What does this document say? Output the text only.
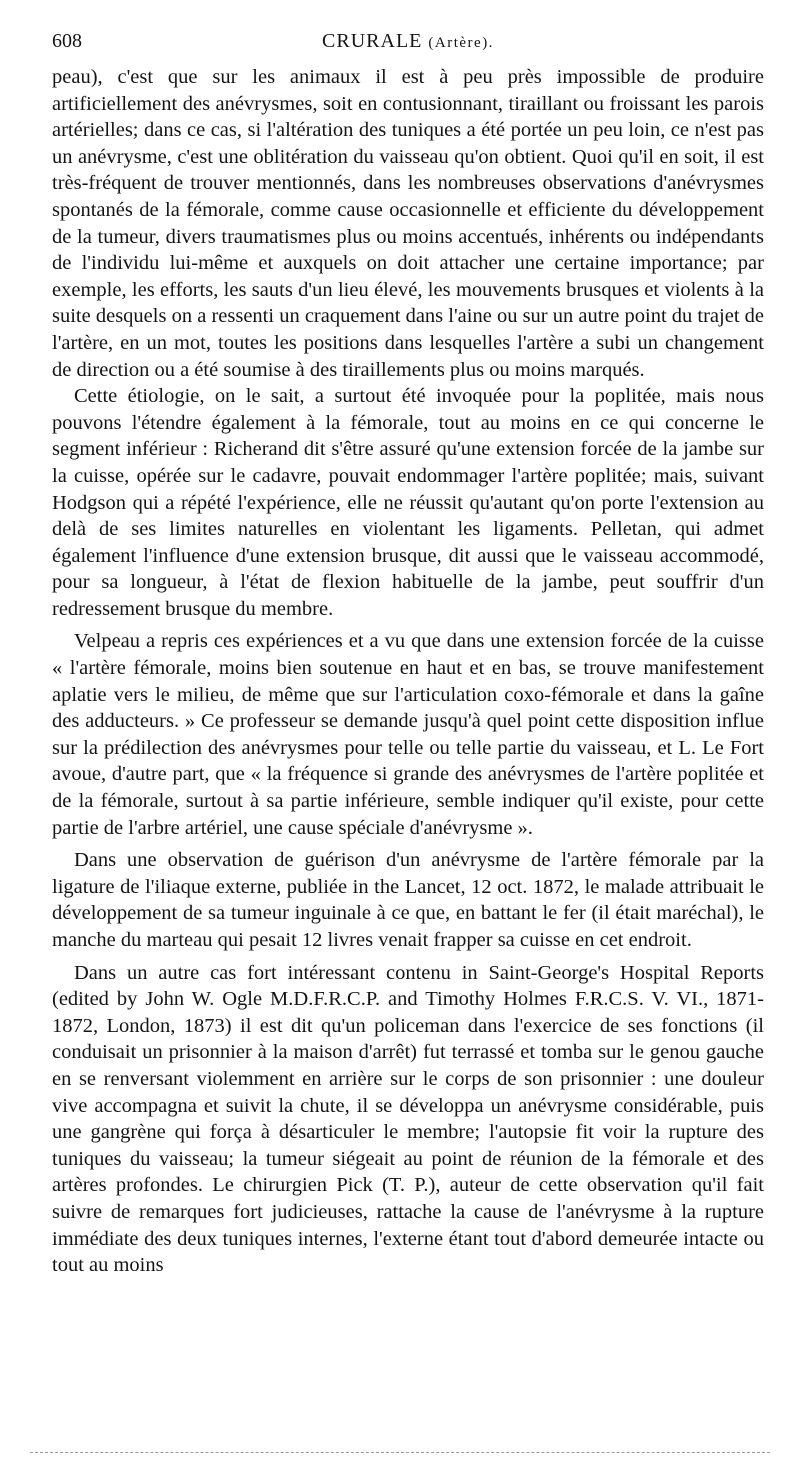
608	CRURALE (Artère).

peau), c'est que sur les animaux il est à peu près impossible de produire artificiellement des anévrysmes, soit en contusionnant, tiraillant ou froissant les parois artérielles; dans ce cas, si l'altération des tuniques a été portée un peu loin, ce n'est pas un anévrysme, c'est une oblitération du vaisseau qu'on obtient. Quoi qu'il en soit, il est très-fréquent de trouver mentionnés, dans les nombreuses observations d'anévrysmes spontanés de la fémorale, comme cause occasionnelle et efficiente du développement de la tumeur, divers traumatismes plus ou moins accentués, inhérents ou indépendants de l'individu lui-même et auxquels on doit attacher une certaine importance; par exemple, les efforts, les sauts d'un lieu élevé, les mouvements brusques et violents à la suite desquels on a ressenti un craquement dans l'aine ou sur un autre point du trajet de l'artère, en un mot, toutes les positions dans lesquelles l'artère a subi un changement de direction ou a été soumise à des tiraillements plus ou moins marqués.

Cette étiologie, on le sait, a surtout été invoquée pour la poplitée, mais nous pouvons l'étendre également à la fémorale, tout au moins en ce qui concerne le segment inférieur : Richerand dit s'être assuré qu'une extension forcée de la jambe sur la cuisse, opérée sur le cadavre, pouvait endommager l'artère poplitée; mais, suivant Hodgson qui a répété l'expérience, elle ne réussit qu'autant qu'on porte l'extension au delà de ses limites naturelles en violentant les ligaments. Pelletan, qui admet également l'influence d'une extension brusque, dit aussi que le vaisseau accommodé, pour sa longueur, à l'état de flexion habituelle de la jambe, peut souffrir d'un redressement brusque du membre.

Velpeau a repris ces expériences et a vu que dans une extension forcée de la cuisse « l'artère fémorale, moins bien soutenue en haut et en bas, se trouve manifestement aplatie vers le milieu, de même que sur l'articulation coxo-fémorale et dans la gaîne des adducteurs. » Ce professeur se demande jusqu'à quel point cette disposition influe sur la prédilection des anévrysmes pour telle ou telle partie du vaisseau, et L. Le Fort avoue, d'autre part, que « la fréquence si grande des anévrysmes de l'artère poplitée et de la fémorale, surtout à sa partie inférieure, semble indiquer qu'il existe, pour cette partie de l'arbre artériel, une cause spéciale d'anévrysme ».

Dans une observation de guérison d'un anévrysme de l'artère fémorale par la ligature de l'iliaque externe, publiée in the Lancet, 12 oct. 1872, le malade attribuait le développement de sa tumeur inguinale à ce que, en battant le fer (il était maréchal), le manche du marteau qui pesait 12 livres venait frapper sa cuisse en cet endroit.

Dans un autre cas fort intéressant contenu in Saint-George's Hospital Reports (edited by John W. Ogle M.D.F.R.C.P. and Timothy Holmes F.R.C.S. V. VI., 1871-1872, London, 1873) il est dit qu'un policeman dans l'exercice de ses fonctions (il conduisait un prisonnier à la maison d'arrêt) fut terrassé et tomba sur le genou gauche en se renversant violemment en arrière sur le corps de son prisonnier : une douleur vive accompagna et suivit la chute, il se développa un anévrysme considérable, puis une gangrène qui força à désarticuler le membre; l'autopsie fit voir la rupture des tuniques du vaisseau; la tumeur siégeait au point de réunion de la fémorale et des artères profondes. Le chirurgien Pick (T. P.), auteur de cette observation qu'il fait suivre de remarques fort judicieuses, rattache la cause de l'anévrysme à la rupture immédiate des deux tuniques internes, l'externe étant tout d'abord demeurée intacte ou tout au moins
